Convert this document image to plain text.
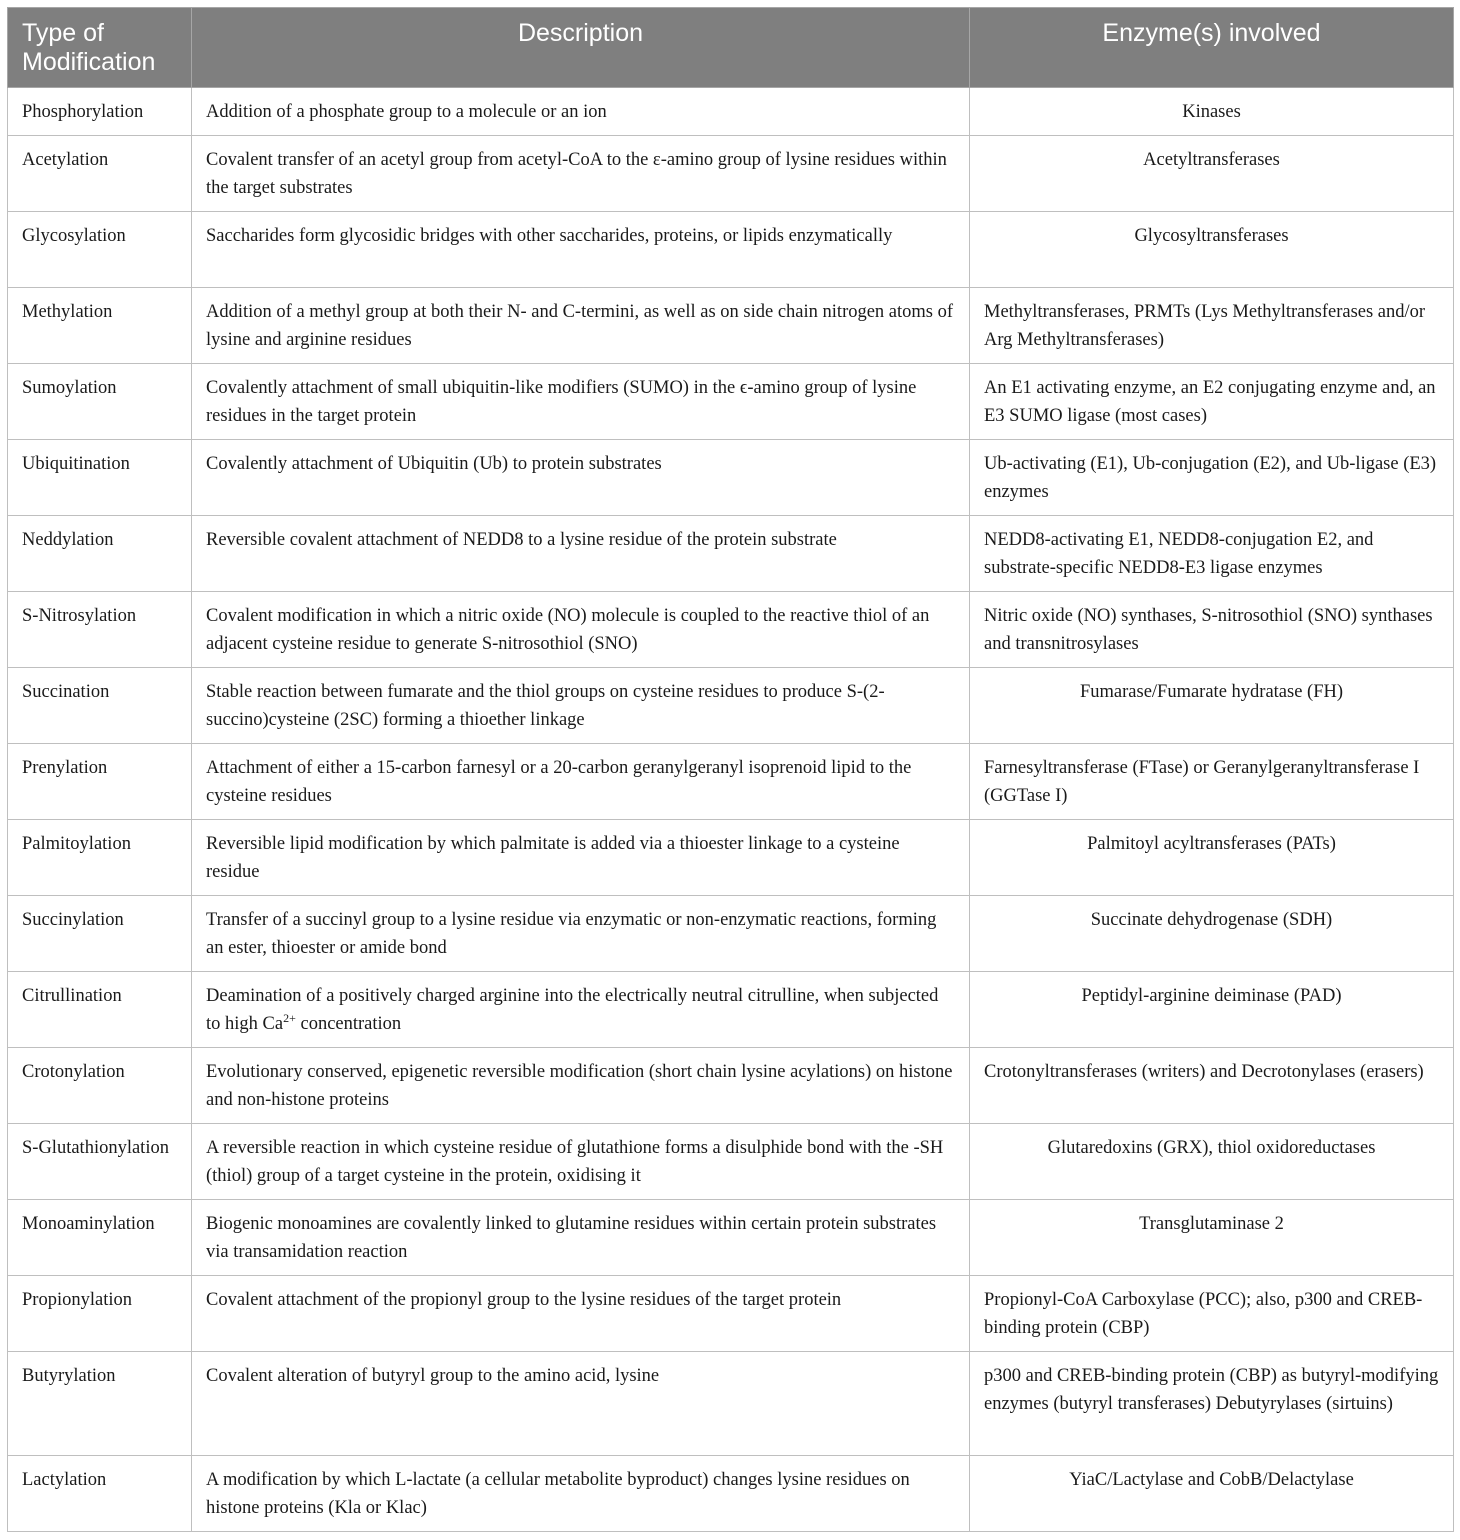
Type of Modification	Description	Enzyme(s) involved
Phosphorylation	Addition of a phosphate group to a molecule or an ion	Kinases
Acetylation	Covalent transfer of an acetyl group from acetyl-CoA to the ε-amino group of lysine residues within the target substrates	Acetyltransferases
Glycosylation	Saccharides form glycosidic bridges with other saccharides, proteins, or lipids enzymatically	Glycosyltransferases
Methylation	Addition of a methyl group at both their N- and C-termini, as well as on side chain nitrogen atoms of lysine and arginine residues	Methyltransferases, PRMTs (Lys Methyltransferases and/or Arg Methyltransferases)
Sumoylation	Covalently attachment of small ubiquitin-like modifiers (SUMO) in the ϵ-amino group of lysine residues in the target protein	An E1 activating enzyme, an E2 conjugating enzyme and, an E3 SUMO ligase (most cases)
Ubiquitination	Covalently attachment of Ubiquitin (Ub) to protein substrates	Ub-activating (E1), Ub-conjugation (E2), and Ub-ligase (E3) enzymes
Neddylation	Reversible covalent attachment of NEDD8 to a lysine residue of the protein substrate	NEDD8-activating E1, NEDD8-conjugation E2, and substrate-specific NEDD8-E3 ligase enzymes
S-Nitrosylation	Covalent modification in which a nitric oxide (NO) molecule is coupled to the reactive thiol of an adjacent cysteine residue to generate S-nitrosothiol (SNO)	Nitric oxide (NO) synthases, S-nitrosothiol (SNO) synthases and transnitrosylases
Succination	Stable reaction between fumarate and the thiol groups on cysteine residues to produce S-(2-succino)cysteine (2SC) forming a thioether linkage	Fumarase/Fumarate hydratase (FH)
Prenylation	Attachment of either a 15-carbon farnesyl or a 20-carbon geranylgeranyl isoprenoid lipid to the cysteine residues	Farnesyltransferase (FTase) or Geranylgeranyltransferase I (GGTase I)
Palmitoylation	Reversible lipid modification by which palmitate is added via a thioester linkage to a cysteine residue	Palmitoyl acyltransferases (PATs)
Succinylation	Transfer of a succinyl group to a lysine residue via enzymatic or non-enzymatic reactions, forming an ester, thioester or amide bond	Succinate dehydrogenase (SDH)
Citrullination	Deamination of a positively charged arginine into the electrically neutral citrulline, when subjected to high $Ca^{2+}$ concentration	Peptidyl-arginine deiminase (PAD)
Crotonylation	Evolutionary conserved, epigenetic reversible modification (short chain lysine acylations) on histone and non-histone proteins	Crotonyltransferases (writers) and Decrotonylases (erasers)
S-Glutathionylation	A reversible reaction in which cysteine residue of glutathione forms a disulphide bond with the -SH (thiol) group of a target cysteine in the protein, oxidising it	Glutaredoxins (GRX), thiol oxidoreductases
Monoaminylation	Biogenic monoamines are covalently linked to glutamine residues within certain protein substrates via transamidation reaction	Transglutaminase 2
Propionylation	Covalent attachment of the propionyl group to the lysine residues of the target protein	Propionyl-CoA Carboxylase (PCC); also, p300 and CREB-binding protein (CBP)
Butyrylation	Covalent alteration of butyryl group to the amino acid, lysine	p300 and CREB-binding protein (CBP) as butyryl-modifying enzymes (butyryl transferases) Debutyrylases (sirtuins)
Lactylation	A modification by which L-lactate (a cellular metabolite byproduct) changes lysine residues on histone proteins (Kla or Klac)	YiaC/Lactylase and CobB/Delactylase
